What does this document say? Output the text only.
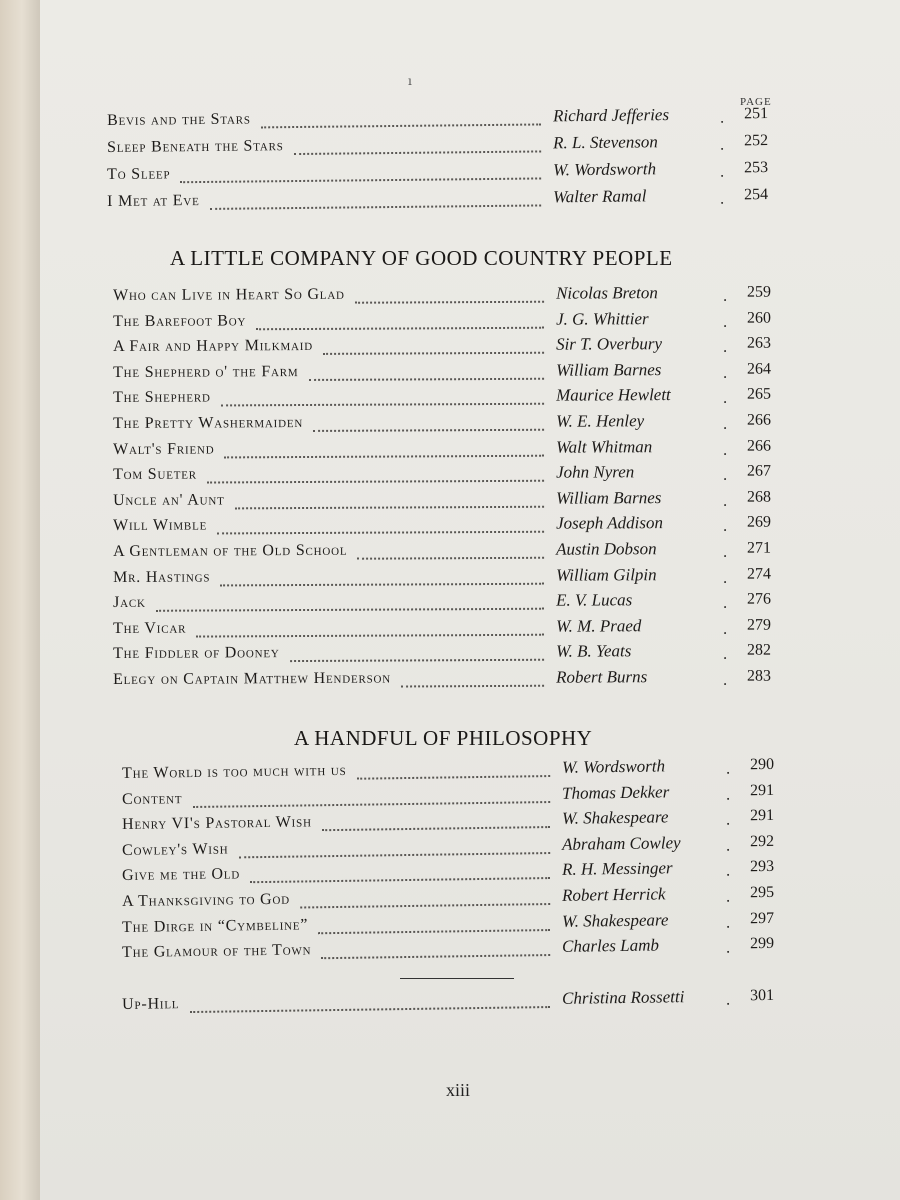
ı
PAGE
A LITTLE COMPANY OF GOOD COUNTRY PEOPLE
A HANDFUL OF PHILOSOPHY
Bevis and the Stars	Richard Jefferies	251
.
Sleep Beneath the Stars	R. L. Stevenson	252
.
To Sleep	W. Wordsworth	253
.
I Met at Eve	Walter Ramal	254
.
Who can Live in Heart So Glad	Nicolas Breton	259
.
The Barefoot Boy	J. G. Whittier	260
.
A Fair and Happy Milkmaid	Sir T. Overbury	263
.
The Shepherd o' the Farm	William Barnes	264
.
The Shepherd	Maurice Hewlett	265
.
The Pretty Washermaiden	W. E. Henley	266
.
Walt's Friend	Walt Whitman	266
.
Tom Sueter	John Nyren	267
.
Uncle an' Aunt	William Barnes	268
.
Will Wimble	Joseph Addison	269
.
A Gentleman of the Old School	Austin Dobson	271
.
Mr. Hastings	William Gilpin	274
.
Jack	E. V. Lucas	276
.
The Vicar	W. M. Praed	279
.
The Fiddler of Dooney	W. B. Yeats	282
.
Elegy on Captain Matthew Henderson	Robert Burns	283
.
The World is too much with us	W. Wordsworth	290
.
Content	Thomas Dekker	291
.
Henry VI's Pastoral Wish	W. Shakespeare	291
.
Cowley's Wish	Abraham Cowley	292
.
Give me the Old	R. H. Messinger	293
.
A Thanksgiving to God	Robert Herrick	295
.
The Dirge in “Cymbeline”	W. Shakespeare	297
.
The Glamour of the Town	Charles Lamb	299
.
Up-Hill	Christina Rossetti	301
.
xiii
